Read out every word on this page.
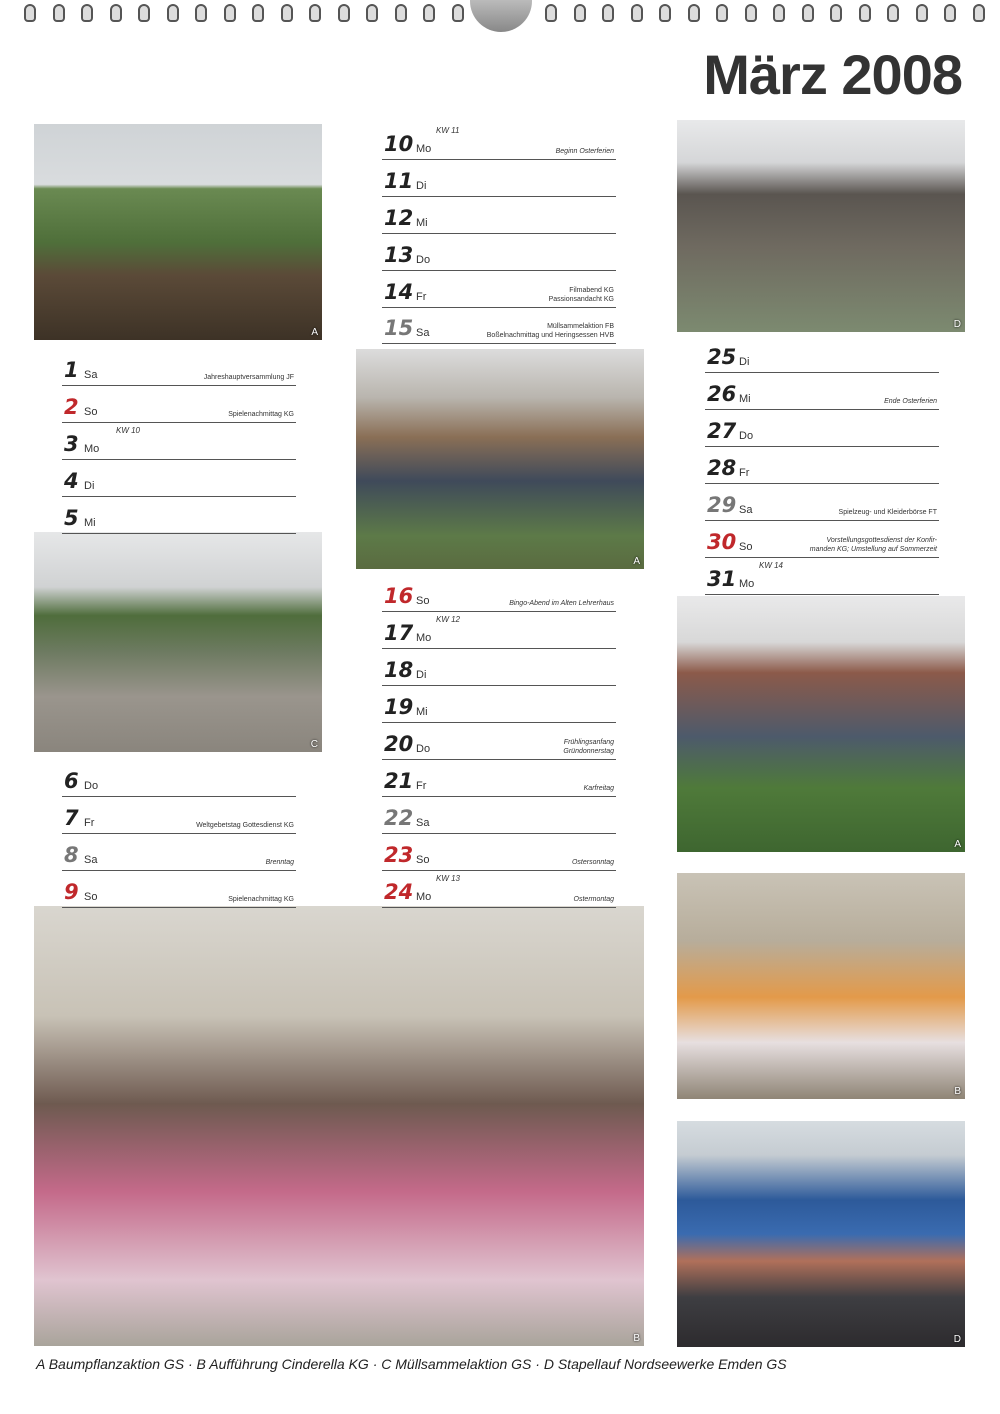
März 2008
A
D
A
C
A
B
B
D
1 Sa	Jahreshauptversammlung JF
2 So	Spielenachmittag KG
3 Mo
KW 10
4 Di
5 Mi
6 Do
7 Fr	Weltgebetstag Gottesdienst KG
8 Sa	Brenntag
9 So	Spielenachmittag KG
10 Mo
KW 11
Beginn Osterferien
11 Di
12 Mi
13 Do
14 Fr
Filmabend KG
Passionsandacht KG
15 Sa
Müllsammelaktion FB
Boßelnachmittag und Heringsessen HVB
16 So	Bingo-Abend im Alten Lehrerhaus
17 Mo
KW 12
18 Di
19 Mi
20 Do
Frühlingsanfang
Gründonnerstag
21 Fr	Karfreitag
22 Sa
23 So	Ostersonntag
24 Mo
KW 13
Ostermontag
25 Di
26 Mi	Ende Osterferien
27 Do
28 Fr
29 Sa	Spielzeug- und Kleiderbörse FT
30 So
Vorstellungsgottesdienst der Konfir-
manden KG; Umstellung auf Sommerzeit
31 Mo
KW 14
A Baumpflanzaktion GS · B Aufführung Cinderella KG · C Müllsammelaktion GS · D Stapellauf Nordseewerke Emden GS
